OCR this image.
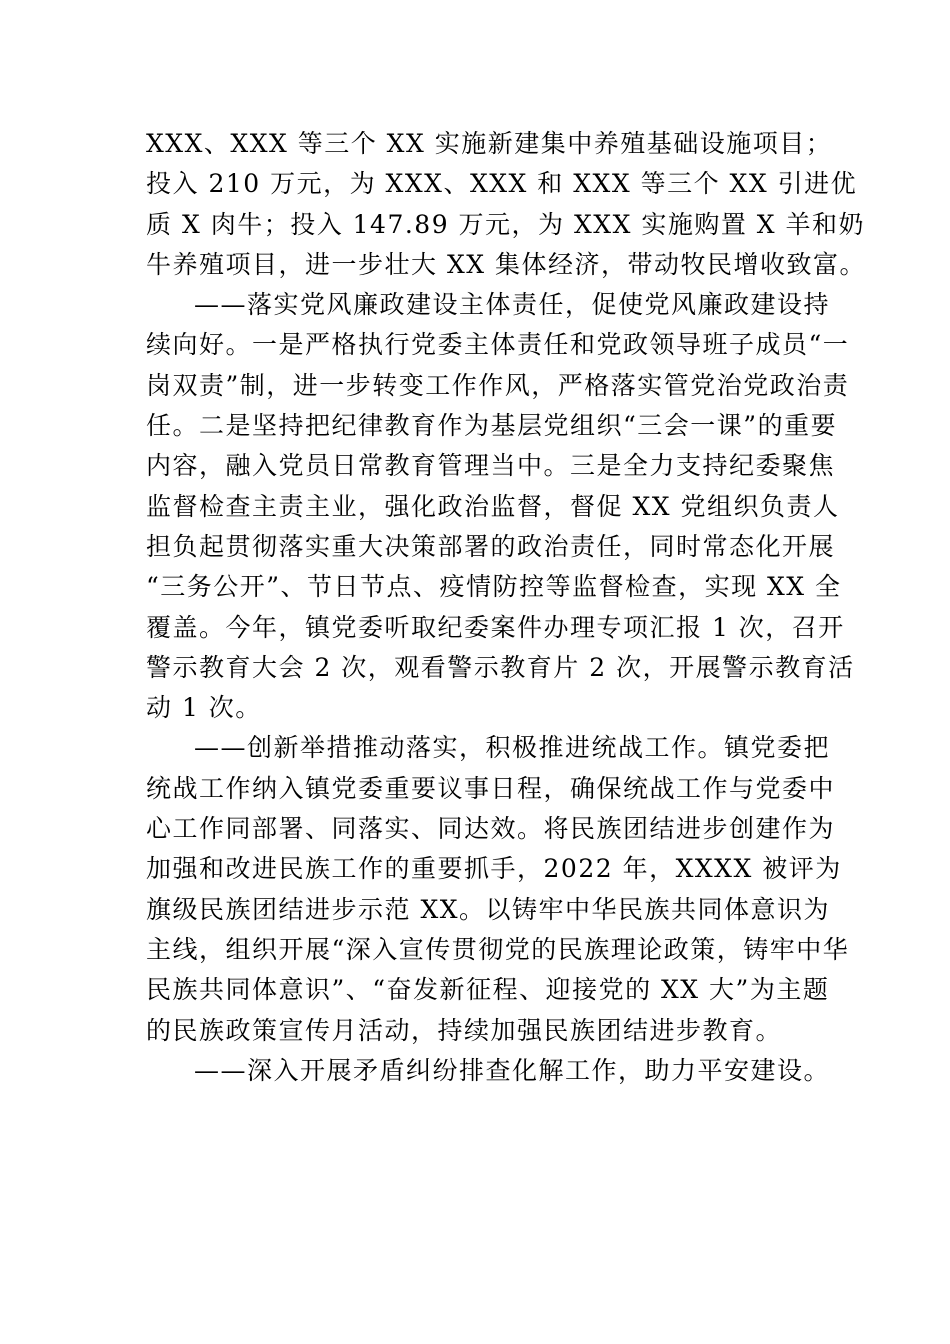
XXX、XXX 等三个 XX 实施新建集中养殖基础设施项目；
投入 210 万元，为 XXX、XXX 和 XXX 等三个 XX 引进优
质 X 肉牛；投入 147.89 万元，为 XXX 实施购置 X 羊和奶
牛养殖项目，进一步壮大 XX 集体经济，带动牧民增收致富。
——落实党风廉政建设主体责任，促使党风廉政建设持
续向好。一是严格执行党委主体责任和党政领导班子成员“一
岗双责”制，进一步转变工作作风，严格落实管党治党政治责
任。二是坚持把纪律教育作为基层党组织“三会一课”的重要
内容，融入党员日常教育管理当中。三是全力支持纪委聚焦
监督检查主责主业，强化政治监督，督促 XX 党组织负责人
担负起贯彻落实重大决策部署的政治责任，同时常态化开展
“三务公开”、节日节点、疫情防控等监督检查，实现 XX 全
覆盖。今年，镇党委听取纪委案件办理专项汇报 1 次，召开
警示教育大会 2 次，观看警示教育片 2 次，开展警示教育活
动 1 次。
——创新举措推动落实，积极推进统战工作。镇党委把
统战工作纳入镇党委重要议事日程，确保统战工作与党委中
心工作同部署、同落实、同达效。将民族团结进步创建作为
加强和改进民族工作的重要抓手，2022 年，XXXX 被评为
旗级民族团结进步示范 XX。以铸牢中华民族共同体意识为
主线，组织开展“深入宣传贯彻党的民族理论政策，铸牢中华
民族共同体意识”、“奋发新征程、迎接党的 XX 大”为主题
的民族政策宣传月活动，持续加强民族团结进步教育。
——深入开展矛盾纠纷排查化解工作，助力平安建设。
